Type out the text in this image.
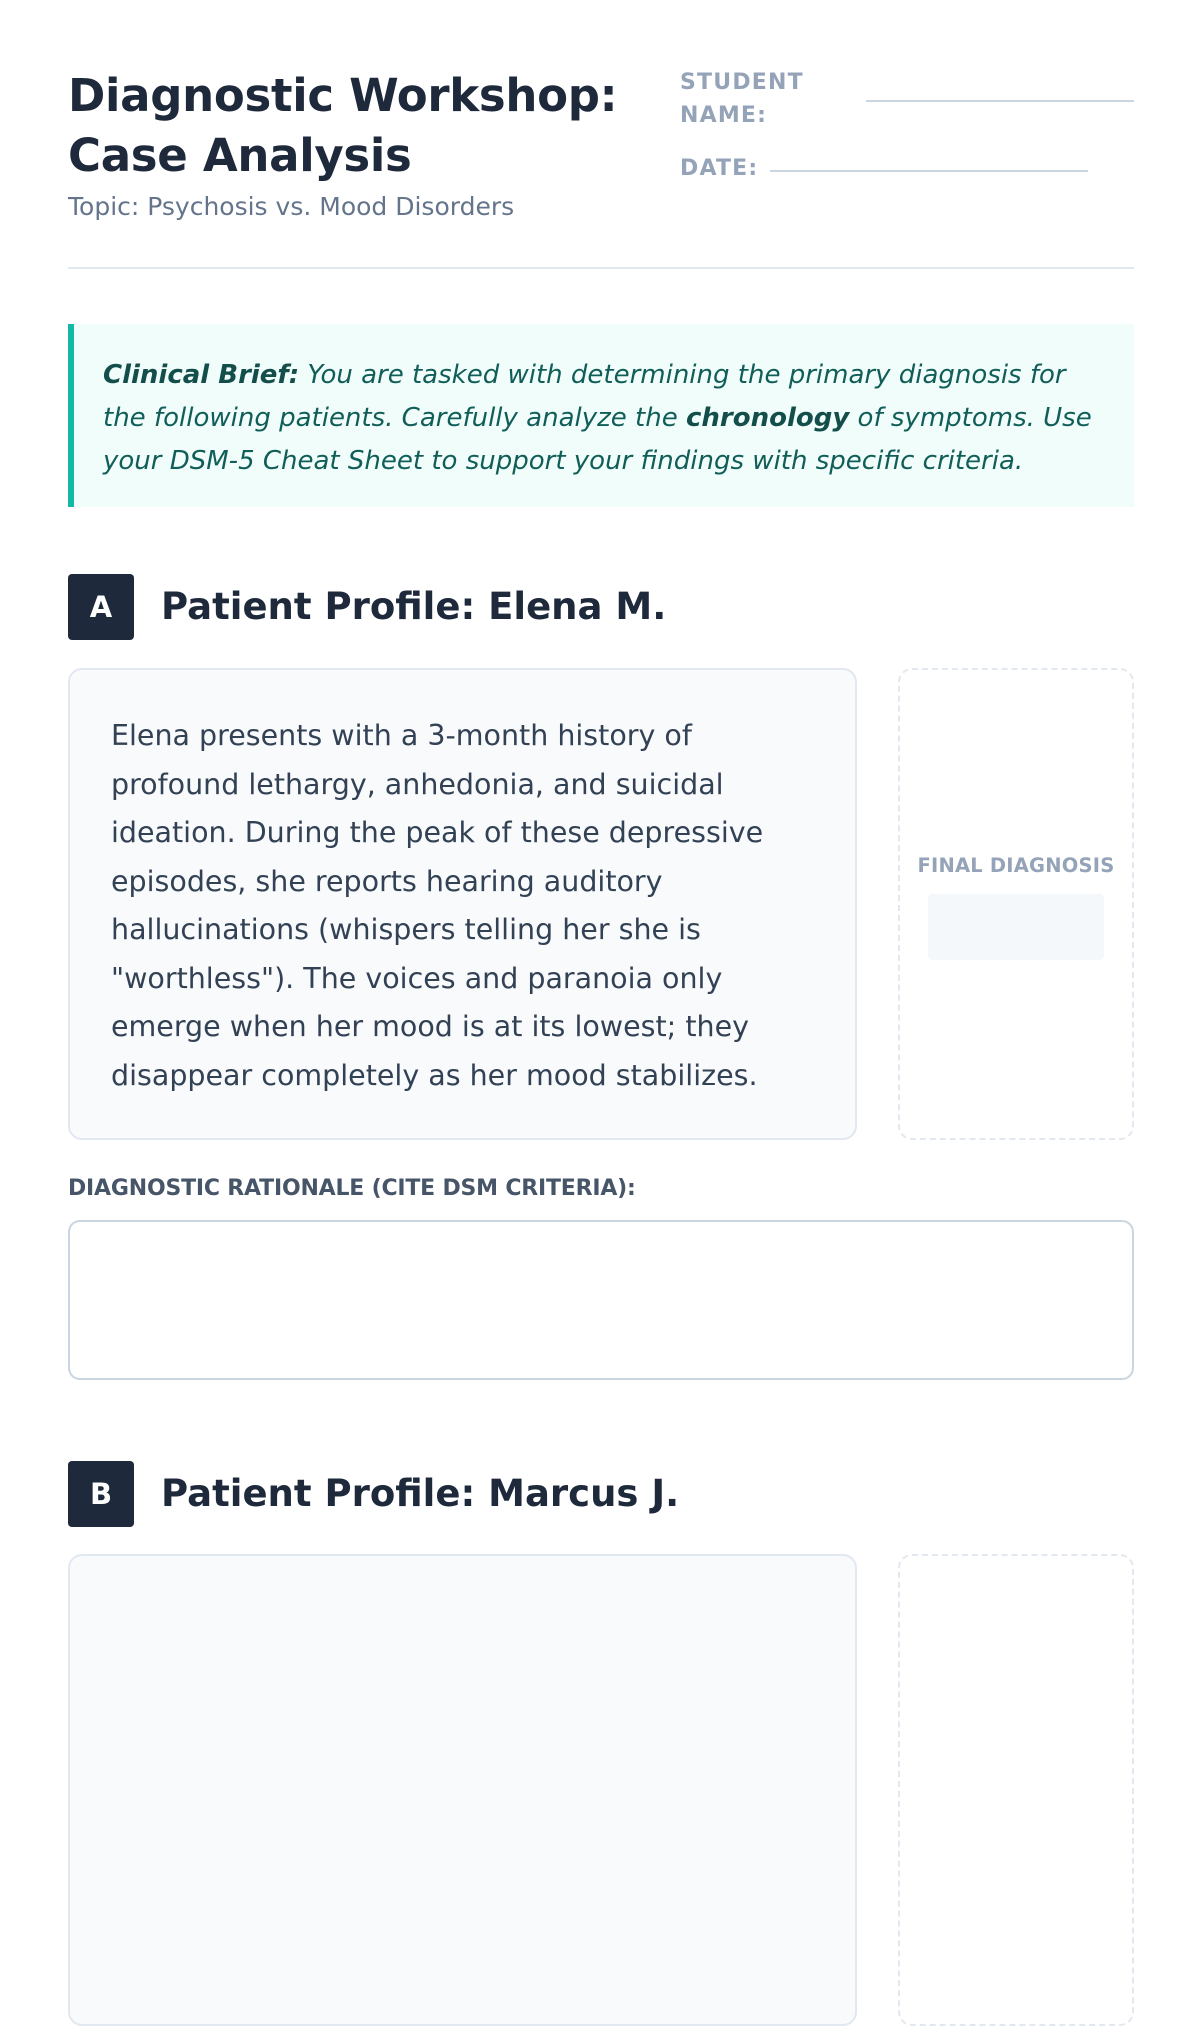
Diagnostic Workshop:
Case Analysis
Topic: Psychosis vs. Mood Disorders
STUDENT NAME:
DATE:

Clinical Brief: You are tasked with determining the primary diagnosis for the following patients. Carefully analyze the chronology of symptoms. Use your DSM-5 Cheat Sheet to support your findings with specific criteria.

A	Patient Profile: Elena M.

Elena presents with a 3-month history of profound lethargy, anhedonia, and suicidal ideation. During the peak of these depressive episodes, she reports hearing auditory hallucinations (whispers telling her she is "worthless"). The voices and paranoia only emerge when her mood is at its lowest; they disappear completely as her mood stabilizes.

FINAL DIAGNOSIS
DIAGNOSTIC RATIONALE (CITE DSM CRITERIA):
B	Patient Profile: Marcus J.
